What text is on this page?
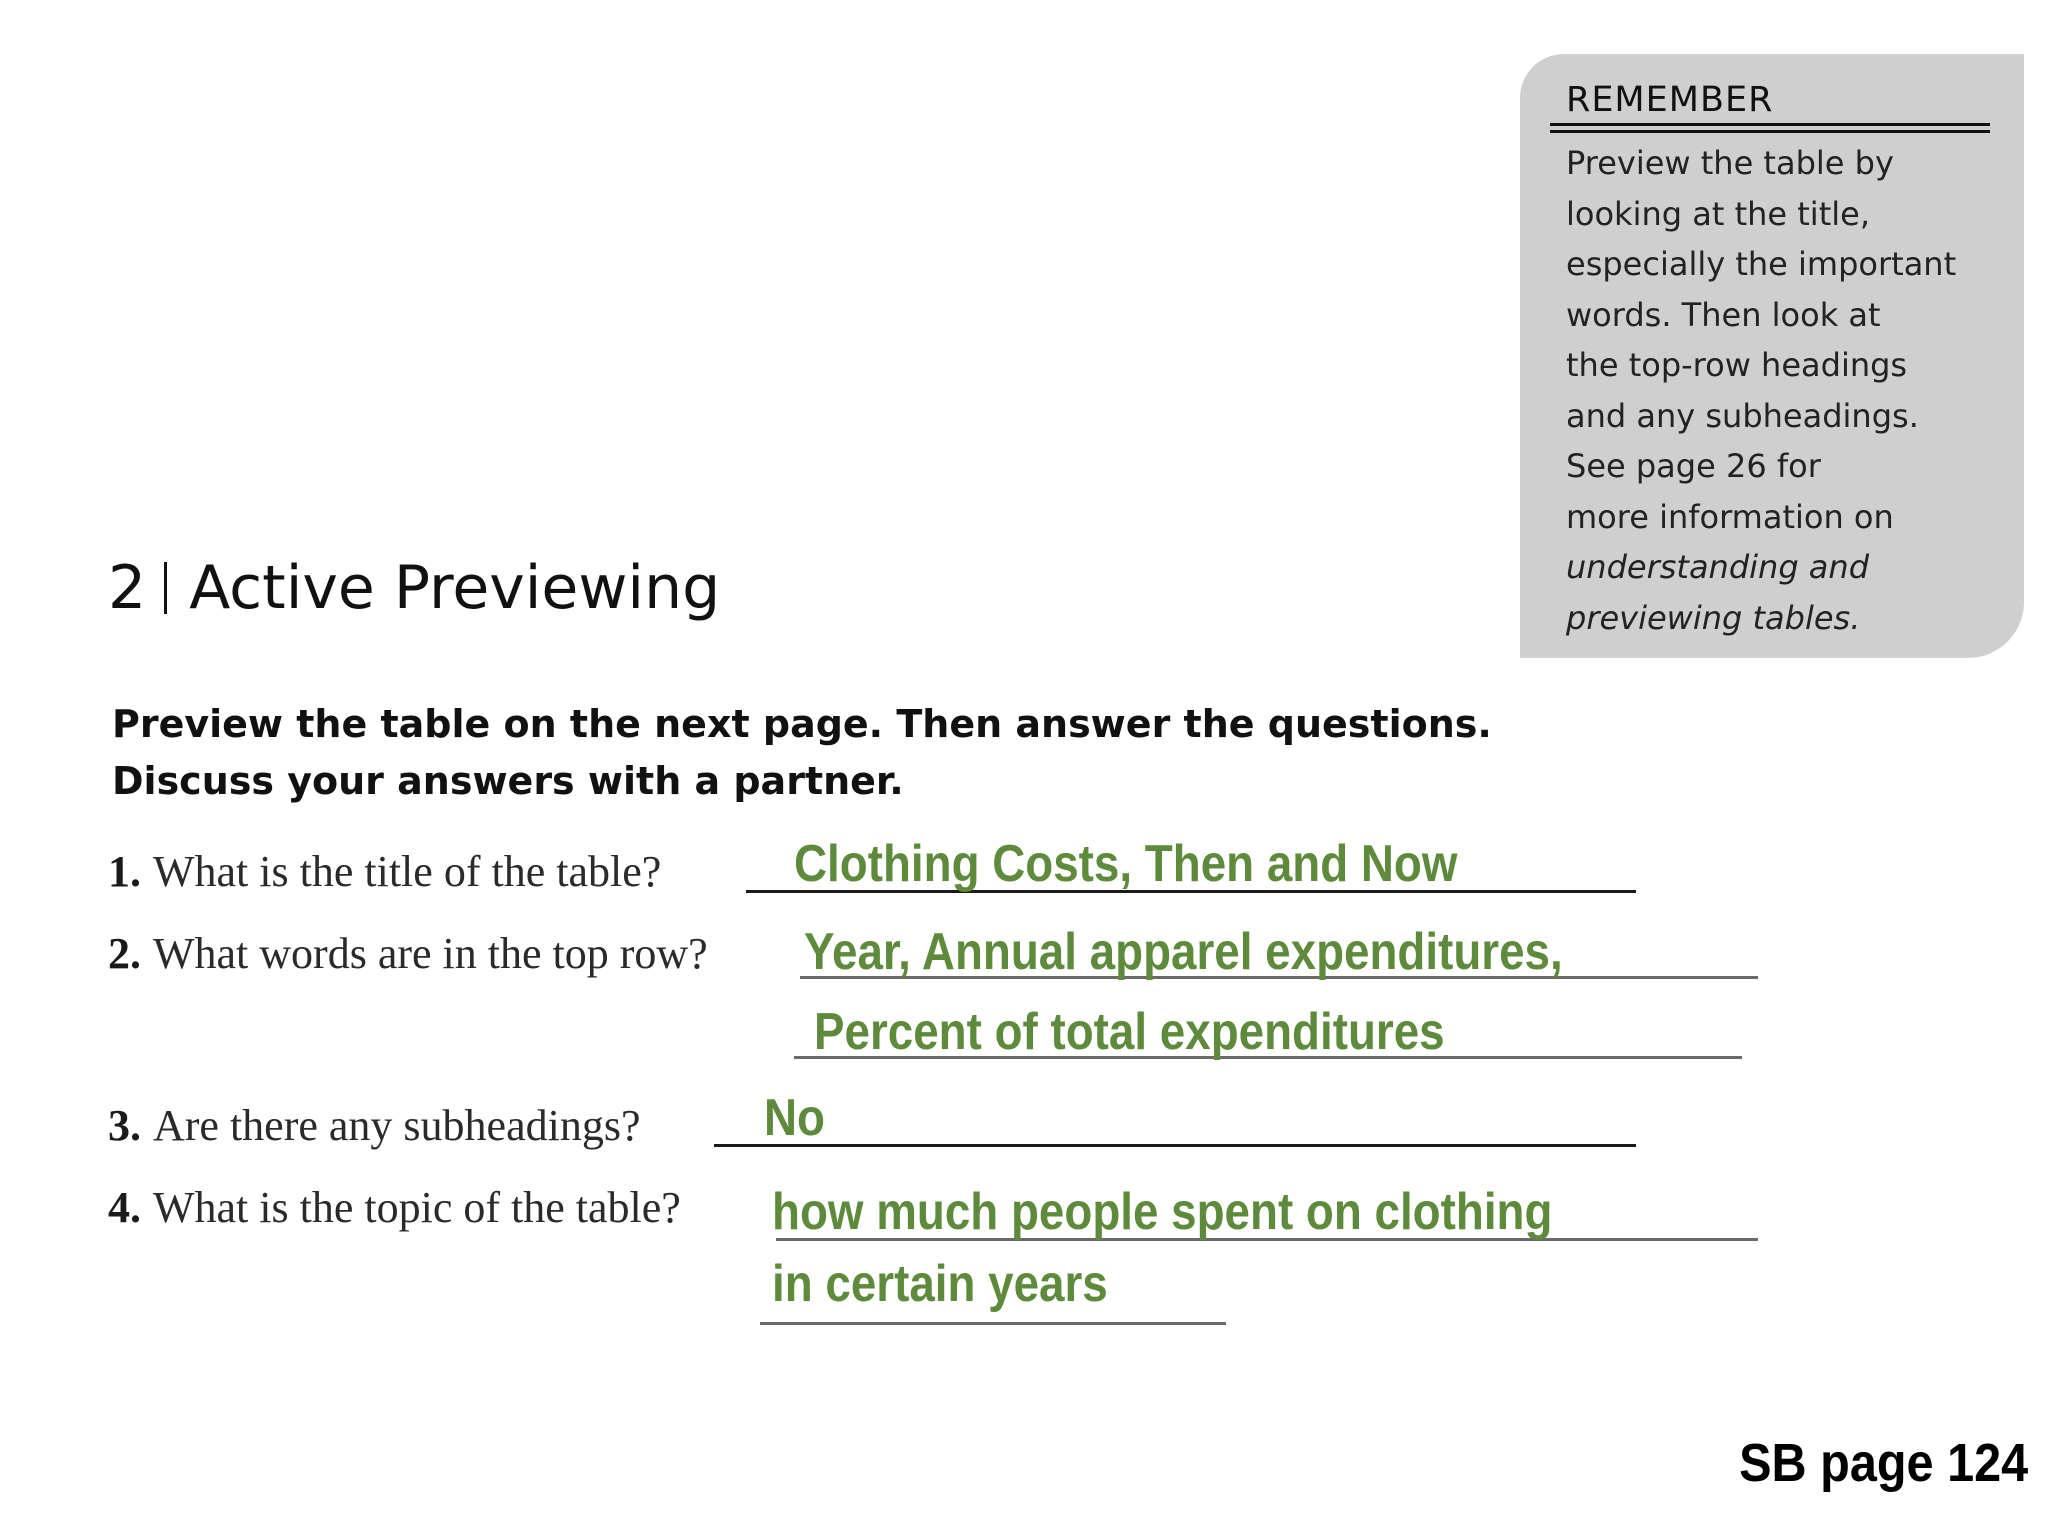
REMEMBER
Preview the table by
looking at the title,
especially the important
words. Then look at
the top-row headings
and any subheadings.
See page 26 for
more information on
understanding and
previewing tables.
2 Active Previewing
Preview the table on the next page. Then answer the questions. Discuss your answers with a partner.
1. What is the title of the table?	Clothing Costs, Then and Now
2. What words are in the top row? Year, Annual apparel expenditures,
Percent of total expenditures
3. Are there any subheadings? No
4. What is the topic of the table? how much people spent on clothing
in certain years
SB page 124
